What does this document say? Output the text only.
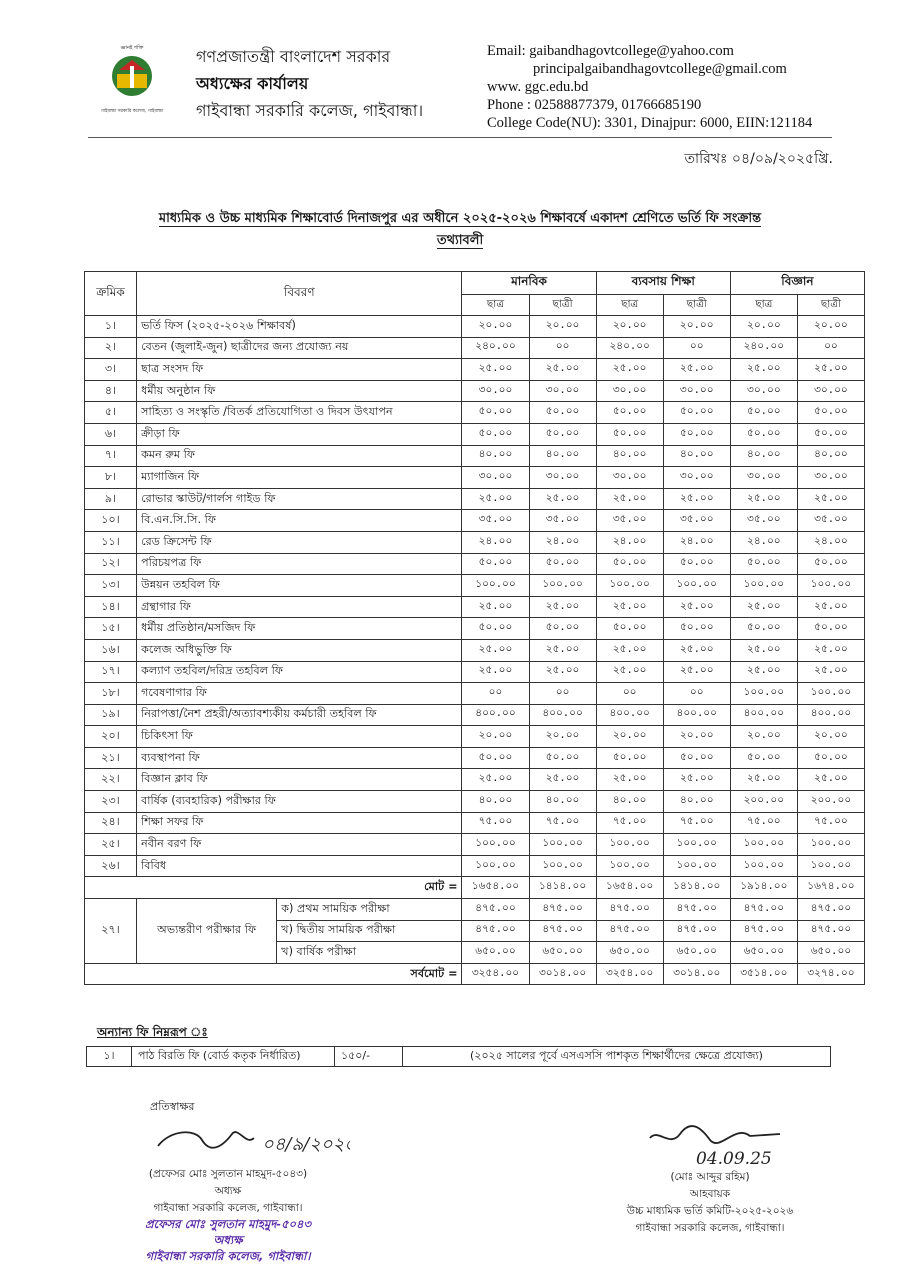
জ্ঞানই শক্তি
গাইবান্ধা সরকারি কলেজ, গাইবান্ধা
গণপ্রজাতন্ত্রী বাংলাদেশ সরকার
অধ্যক্ষের কার্যালয়
গাইবান্ধা সরকারি কলেজ, গাইবান্ধা।
Email: gaibandhagovtcollege@yahoo.com
principalgaibandhagovtcollege@gmail.com
www. ggc.edu.bd
Phone : 02588877379, 01766685190
College Code(NU): 3301, Dinajpur: 6000, EIIN:121184
তারিখঃ ০৪/০৯/২০২৫খ্রি.
মাধ্যমিক ও উচ্চ মাধ্যমিক শিক্ষাবোর্ড দিনাজপুর এর অধীনে ২০২৫-২০২৬ শিক্ষাবর্ষে একাদশ শ্রেণিতে ভর্তি ফি সংক্রান্ত
তথ্যাবলী
ক্রমিক	বিবরণ		মানবিক		ব্যবসায় শিক্ষা		বিজ্ঞান	
			ছাত্র	ছাত্রী	ছাত্র	ছাত্রী	ছাত্র	ছাত্রী
১।	ভর্তি ফিস (২০২৫-২০২৬ শিক্ষাবর্ষ)		২০.০০	২০.০০	২০.০০	২০.০০	২০.০০	২০.০০
২।	বেতন (জুলাই-জুন) ছাত্রীদের জন্য প্রযোজ্য নয়		২৪০.০০	০০	২৪০.০০	০০	২৪০.০০	০০
৩।	ছাত্র সংসদ ফি		২৫.০০	২৫.০০	২৫.০০	২৫.০০	২৫.০০	২৫.০০
৪।	ধর্মীয় অনুষ্ঠান ফি		৩০.০০	৩০.০০	৩০.০০	৩০.০০	৩০.০০	৩০.০০
৫।	সাহিত্য ও সংস্কৃতি /বিতর্ক প্রতিযোগিতা ও দিবস উৎযাপন		৫০.০০	৫০.০০	৫০.০০	৫০.০০	৫০.০০	৫০.০০
৬।	ক্রীড়া ফি		৫০.০০	৫০.০০	৫০.০০	৫০.০০	৫০.০০	৫০.০০
৭।	কমন রুম ফি		৪০.০০	৪০.০০	৪০.০০	৪০.০০	৪০.০০	৪০.০০
৮।	ম্যাগাজিন ফি		৩০.০০	৩০.০০	৩০.০০	৩০.০০	৩০.০০	৩০.০০
৯।	রোভার স্কাউট/গার্লস গাইড ফি		২৫.০০	২৫.০০	২৫.০০	২৫.০০	২৫.০০	২৫.০০
১০।	বি.এন.সি.সি. ফি		৩৫.০০	৩৫.০০	৩৫.০০	৩৫.০০	৩৫.০০	৩৫.০০
১১।	রেড ক্রিসেন্ট ফি		২৪.০০	২৪.০০	২৪.০০	২৪.০০	২৪.০০	২৪.০০
১২।	পরিচয়পত্র ফি		৫০.০০	৫০.০০	৫০.০০	৫০.০০	৫০.০০	৫০.০০
১৩।	উন্নয়ন তহবিল ফি		১০০.০০	১০০.০০	১০০.০০	১০০.০০	১০০.০০	১০০.০০
১৪।	গ্রন্থাগার ফি		২৫.০০	২৫.০০	২৫.০০	২৫.০০	২৫.০০	২৫.০০
১৫।	ধর্মীয় প্রতিষ্ঠান/মসজিদ ফি		৫০.০০	৫০.০০	৫০.০০	৫০.০০	৫০.০০	৫০.০০
১৬।	কলেজ অধিভুক্তি ফি		২৫.০০	২৫.০০	২৫.০০	২৫.০০	২৫.০০	২৫.০০
১৭।	কল্যাণ তহবিল/দরিদ্র তহবিল ফি		২৫.০০	২৫.০০	২৫.০০	২৫.০০	২৫.০০	২৫.০০
১৮।	গবেষণাগার ফি		০০	০০	০০	০০	১০০.০০	১০০.০০
১৯।	নিরাপত্তা/নৈশ প্রহরী/অত্যাবশ্যকীয় কর্মচারী তহবিল ফি		৪০০.০০	৪০০.০০	৪০০.০০	৪০০.০০	৪০০.০০	৪০০.০০
২০।	চিকিৎসা ফি		২০.০০	২০.০০	২০.০০	২০.০০	২০.০০	২০.০০
২১।	ব্যবস্থাপনা ফি		৫০.০০	৫০.০০	৫০.০০	৫০.০০	৫০.০০	৫০.০০
২২।	বিজ্ঞান ক্লাব ফি		২৫.০০	২৫.০০	২৫.০০	২৫.০০	২৫.০০	২৫.০০
২৩।	বার্ষিক (ব্যবহারিক) পরীক্ষার ফি		৪০.০০	৪০.০০	৪০.০০	৪০.০০	২০০.০০	২০০.০০
২৪।	শিক্ষা সফর ফি		৭৫.০০	৭৫.০০	৭৫.০০	৭৫.০০	৭৫.০০	৭৫.০০
২৫।	নবীন বরণ ফি		১০০.০০	১০০.০০	১০০.০০	১০০.০০	১০০.০০	১০০.০০
২৬।	বিবিধ		১০০.০০	১০০.০০	১০০.০০	১০০.০০	১০০.০০	১০০.০০
মোট =			১৬৫৪.০০	১৪১৪.০০	১৬৫৪.০০	১৪১৪.০০	১৯১৪.০০	১৬৭৪.০০
২৭।	অভ্যন্তরীণ পরীক্ষার ফি	ক) প্রথম সাময়িক পরীক্ষা	৪৭৫.০০	৪৭৫.০০	৪৭৫.০০	৪৭৫.০০	৪৭৫.০০	৪৭৫.০০
		খ) দ্বিতীয় সাময়িক পরীক্ষা	৪৭৫.০০	৪৭৫.০০	৪৭৫.০০	৪৭৫.০০	৪৭৫.০০	৪৭৫.০০
		খ) বার্ষিক পরীক্ষা	৬৫০.০০	৬৫০.০০	৬৫০.০০	৬৫০.০০	৬৫০.০০	৬৫০.০০
সর্বমোট =			৩২৫৪.০০	৩০১৪.০০	৩২৫৪.০০	৩০১৪.০০	৩৫১৪.০০	৩২৭৪.০০
অন্যান্য ফি নিম্নরূপ ঃ
১।	পাঠ বিরতি ফি (বোর্ড কতৃক নির্ধারিত)	১৫০/-	(২০২৫ সালের পূর্বে এসএসসি পাশকৃত শিক্ষার্থীদের ক্ষেত্রে প্রযোজ্য)
প্রতিস্বাক্ষর
০৪/৯/২০২৫
(প্রফেসর মোঃ সুলতান মাহমুদ-৫০৪৩)
অধ্যক্ষ
গাইবান্ধা সরকারি কলেজ, গাইবান্ধা।
প্রফেসর মোঃ সুলতান মাহমুদ-৫০৪৩
অধ্যক্ষ
গাইবান্ধা সরকারি কলেজ, গাইবান্ধা।
04.09.25
(মোঃ আব্দুর রহিম)
আহবায়ক
উচ্চ মাধ্যমিক ভর্তি কমিটি-২০২৫-২০২৬
গাইবান্ধা সরকারি কলেজ, গাইবান্ধা।
